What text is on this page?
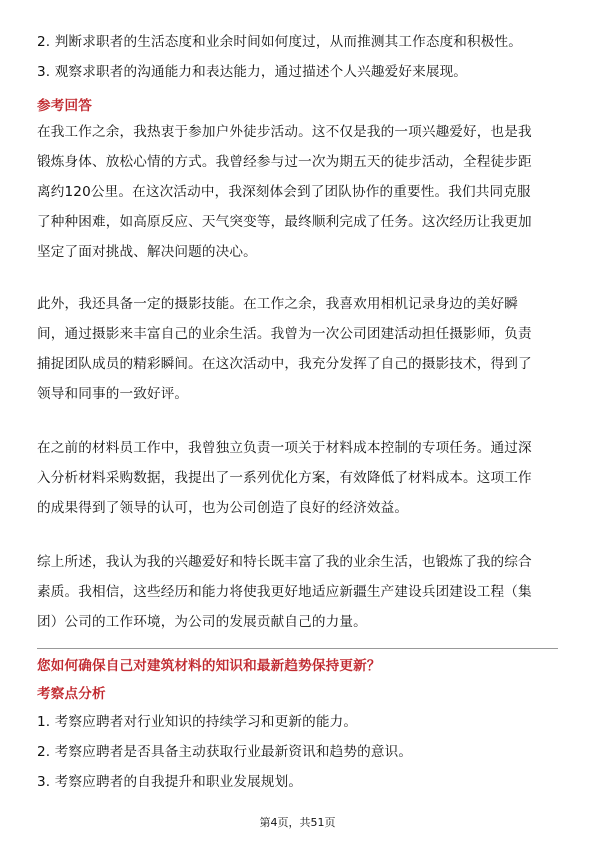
2. 判断求职者的生活态度和业余时间如何度过，从而推测其工作态度和积极性。
3. 观察求职者的沟通能力和表达能力，通过描述个人兴趣爱好来展现。
参考回答
在我工作之余，我热衷于参加户外徒步活动。这不仅是我的一项兴趣爱好，也是我
锻炼身体、放松心情的方式。我曾经参与过一次为期五天的徒步活动，全程徒步距
离约120公里。在这次活动中，我深刻体会到了团队协作的重要性。我们共同克服
了种种困难，如高原反应、天气突变等，最终顺利完成了任务。这次经历让我更加
坚定了面对挑战、解决问题的决心。
此外，我还具备一定的摄影技能。在工作之余，我喜欢用相机记录身边的美好瞬
间，通过摄影来丰富自己的业余生活。我曾为一次公司团建活动担任摄影师，负责
捕捉团队成员的精彩瞬间。在这次活动中，我充分发挥了自己的摄影技术，得到了
领导和同事的一致好评。
在之前的材料员工作中，我曾独立负责一项关于材料成本控制的专项任务。通过深
入分析材料采购数据，我提出了一系列优化方案，有效降低了材料成本。这项工作
的成果得到了领导的认可，也为公司创造了良好的经济效益。
综上所述，我认为我的兴趣爱好和特长既丰富了我的业余生活，也锻炼了我的综合
素质。我相信，这些经历和能力将使我更好地适应新疆生产建设兵团建设工程（集
团）公司的工作环境，为公司的发展贡献自己的力量。
您如何确保自己对建筑材料的知识和最新趋势保持更新？
考察点分析
1. 考察应聘者对行业知识的持续学习和更新的能力。
2. 考察应聘者是否具备主动获取行业最新资讯和趋势的意识。
3. 考察应聘者的自我提升和职业发展规划。
第4页，共51页
